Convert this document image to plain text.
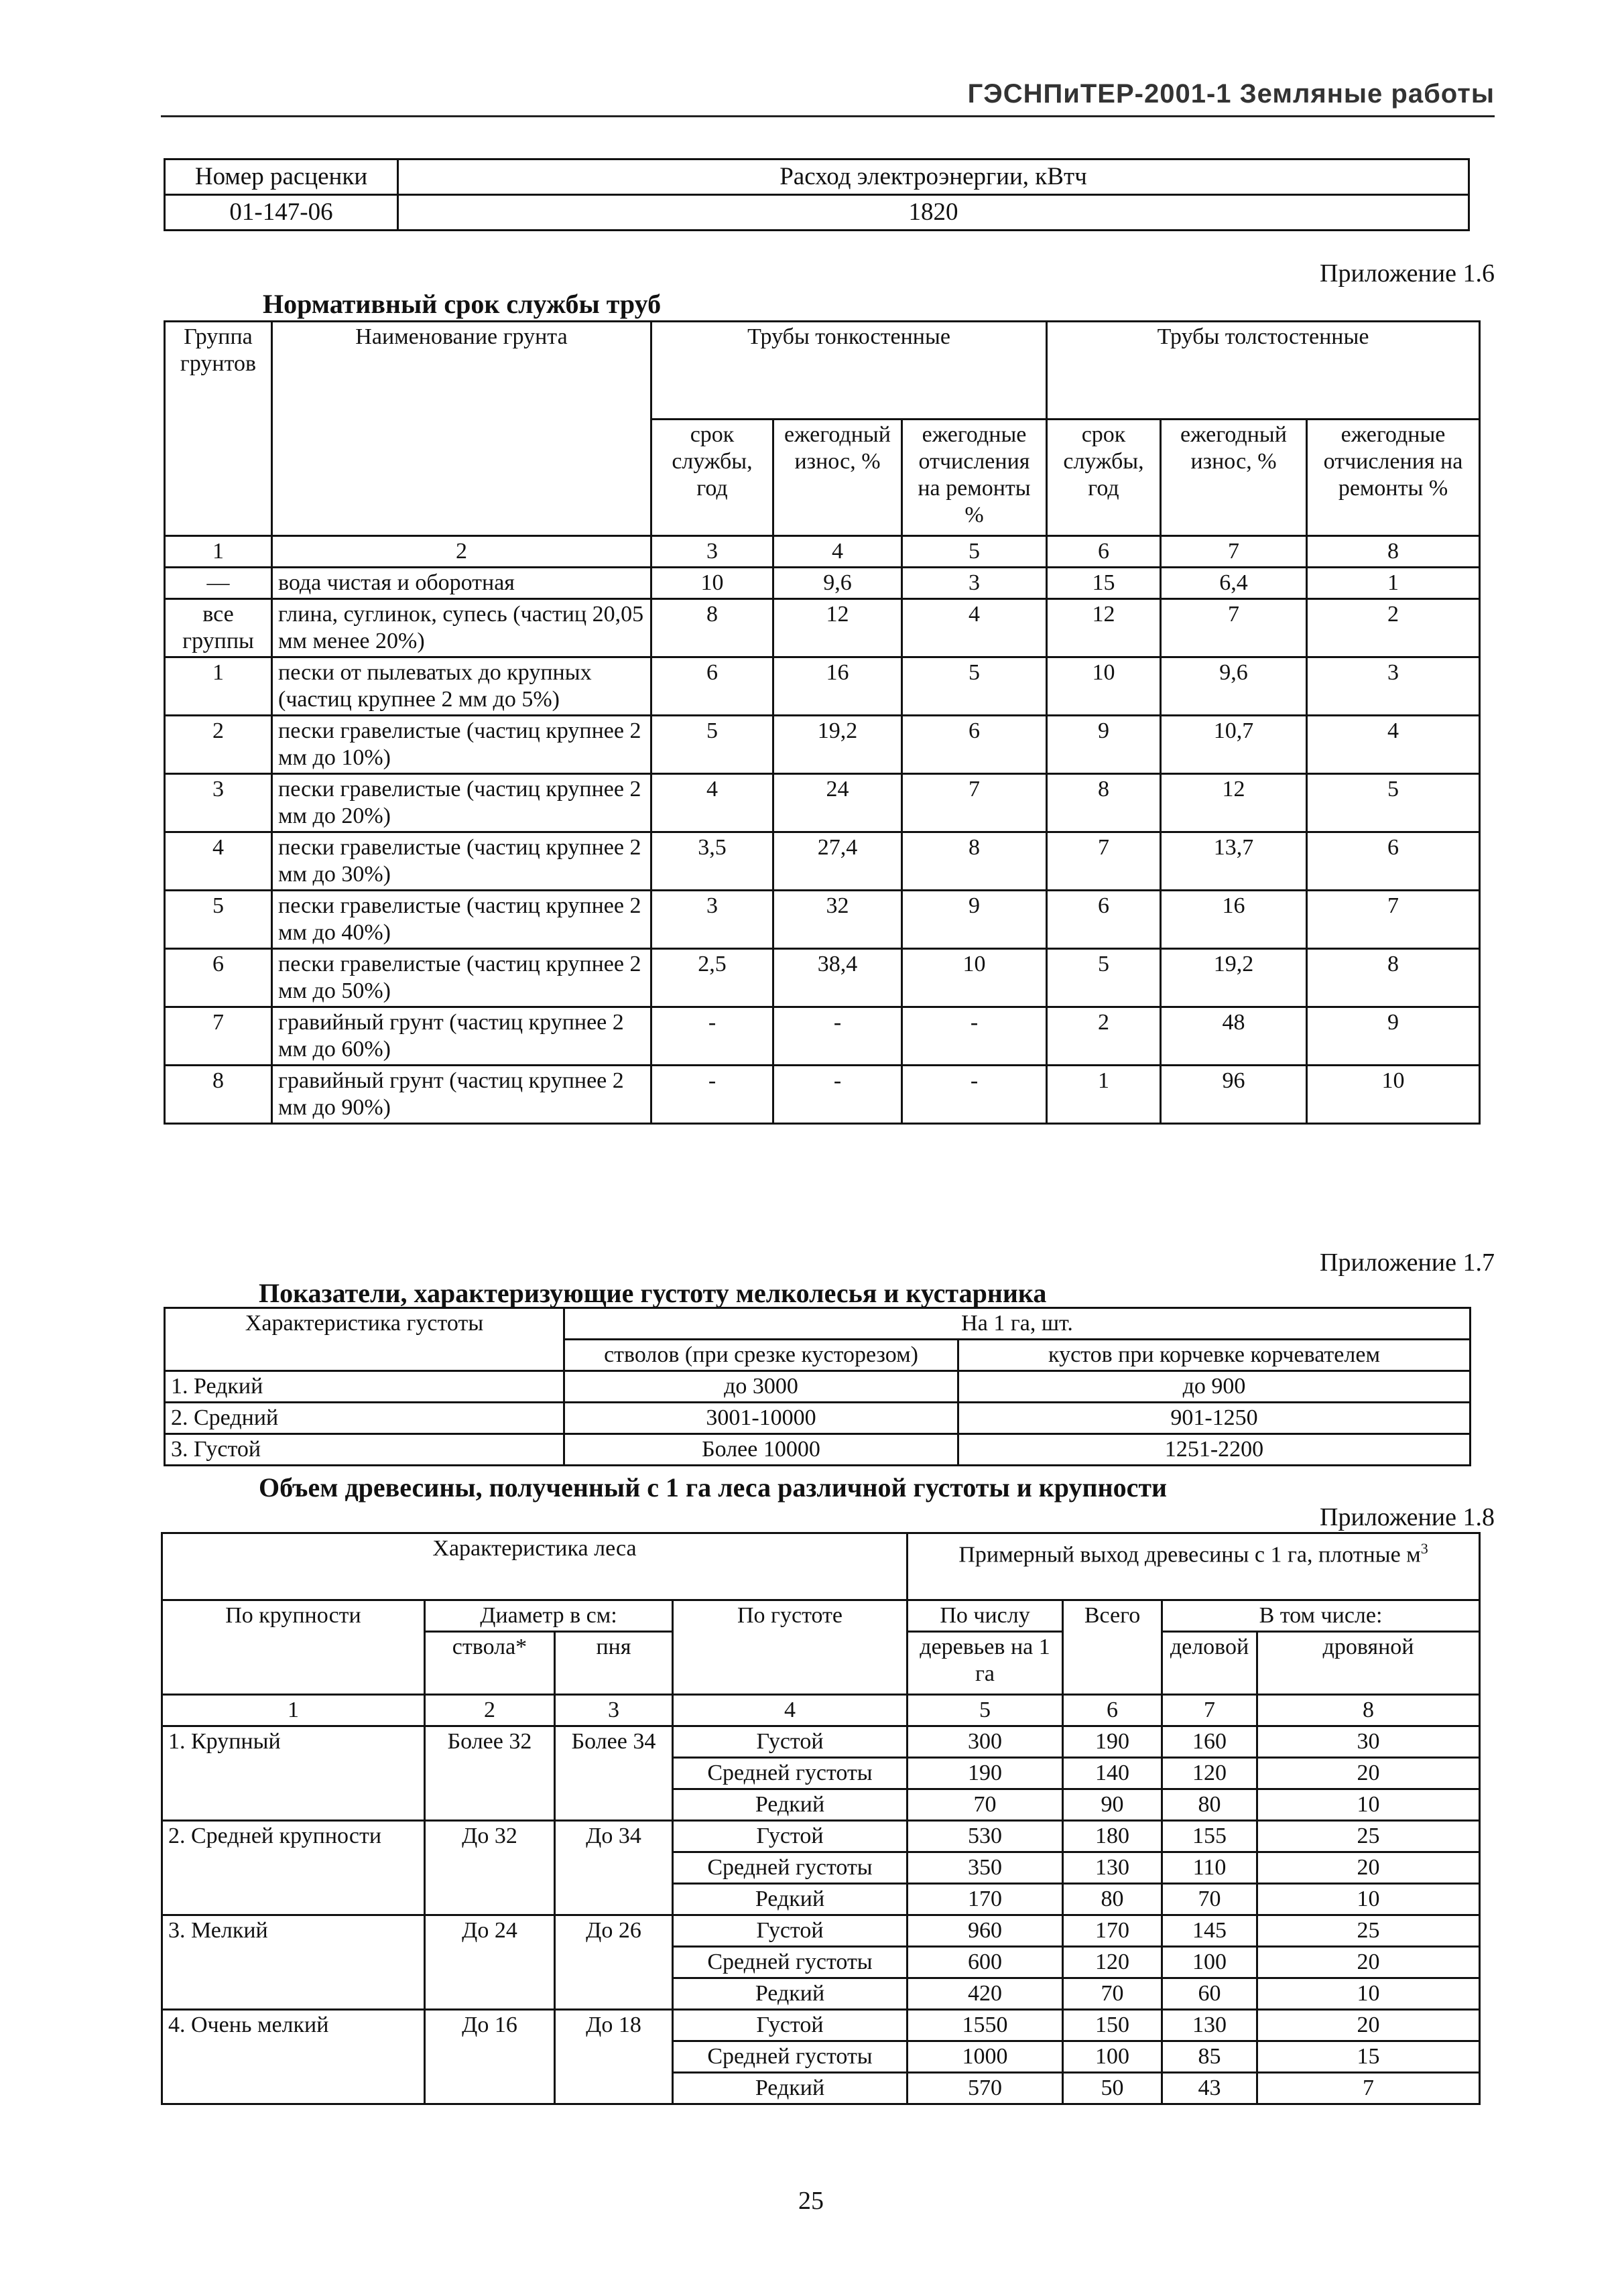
ГЭСНПиТЕР-2001-1 Земляные работы
Номер расценки	Расход электроэнергии, кВтч
01-147-06	1820
Приложение 1.6
Нормативный срок службы труб
Группа грунтов	Наименование грунта	Трубы тонкостенные			Трубы толстостенные		
		срок службы, год	ежегодный износ, %	ежегодные отчисления на ремонты %	срок службы, год	ежегодный износ, %	ежегодные отчисления на ремонты %
1	2	3	4	5	6	7	8
—	вода чистая и оборотная	10	9,6	3	15	6,4	1
все группы	глина, суглинок, супесь (частиц 20,05 мм менее 20%)	8	12	4	12	7	2
1	пески от пылеватых до крупных (частиц крупнее 2 мм до 5%)	6	16	5	10	9,6	3
2	пески гравелистые (частиц крупнее 2 мм до 10%)	5	19,2	6	9	10,7	4
3	пески гравелистые (частиц крупнее 2 мм до 20%)	4	24	7	8	12	5
4	пески гравелистые (частиц крупнее 2 мм до 30%)	3,5	27,4	8	7	13,7	6
5	пески гравелистые (частиц крупнее 2 мм до 40%)	3	32	9	6	16	7
6	пески гравелистые (частиц крупнее 2 мм до 50%)	2,5	38,4	10	5	19,2	8
7	гравийный грунт (частиц крупнее 2 мм до 60%)	-	-	-	2	48	9
8	гравийный грунт (частиц крупнее 2 мм до 90%)	-	-	-	1	96	10
Приложение 1.7
Показатели, характеризующие густоту мелколесья и кустарника
Характеристика густоты	На 1 га, шт.	
	стволов (при срезке кусторезом)	кустов при корчевке корчевателем
1. Редкий	до 3000	до 900
2. Средний	3001-10000	901-1250
3. Густой	Более 10000	1251-2200
Объем древесины, полученный с 1 га леса различной густоты и крупности
Приложение 1.8
Характеристика леса				Примерный выход древесины с 1 га, плотные $м^3$
По крупности	Диаметр в см:		По густоте	По числу	Всего	В том числе:	
	ствола*	пня		деревьев на 1 га		деловой	дровяной
1	2	3	4	5	6	7	8
1. Крупный	Более 32	Более 34	Густой	300	190	160	30
			Средней густоты	190	140	120	20
			Редкий	70	90	80	10
2. Средней крупности	До 32	До 34	Густой	530	180	155	25
			Средней густоты	350	130	110	20
			Редкий	170	80	70	10
3. Мелкий	До 24	До 26	Густой	960	170	145	25
			Средней густоты	600	120	100	20
			Редкий	420	70	60	10
4. Очень мелкий	До 16	До 18	Густой	1550	150	130	20
			Средней густоты	1000	100	85	15
			Редкий	570	50	43	7
25
